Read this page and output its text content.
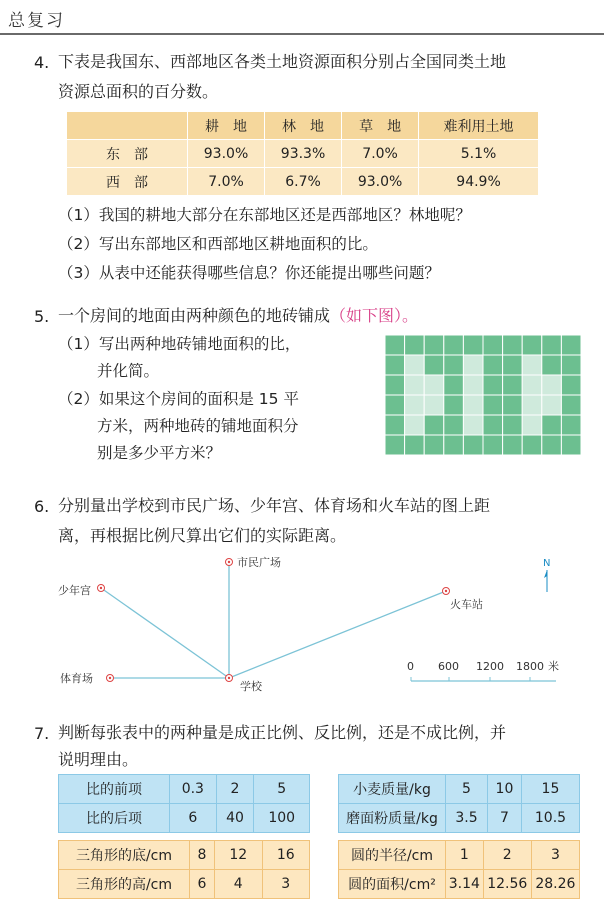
总复习
4. 下表是我国东、西部地区各类土地资源面积分别占全国同类土地
资源总面积的百分数。
	耕　地	林　地	草　地	难利用土地
东　部	93.0%	93.3%	7.0%	5.1%
西　部	7.0%	6.7%	93.0%	94.9%
（1）我国的耕地大部分在东部地区还是西部地区？林地呢？
（2）写出东部地区和西部地区耕地面积的比。
（3）从表中还能获得哪些信息？你还能提出哪些问题？
5. 一个房间的地面由两种颜色的地砖铺成（如下图）。
（1）写出两种地砖铺地面积的比，
并化简。
（2）如果这个房间的面积是 15 平
方米，两种地砖的铺地面积分
别是多少平方米？
6. 分别量出学校到市民广场、少年宫、体育场和火车站的图上距
离，再根据比例尺算出它们的实际距离。
市民广场
少年宫
火车站
体育场
学校
N
0 600 1200 1800 米
7. 判断每张表中的两种量是成正比例、反比例，还是不成比例，并
说明理由。
比的前项	0.3	2	5
比的后项	6	40	100
小麦质量/kg	5	10	15
磨面粉质量/kg	3.5	7	10.5
三角形的底/cm	8	12	16
三角形的高/cm	6	4	3
圆的半径/cm	1	2	3
圆的面积/cm²	3.14	12.56	28.26
